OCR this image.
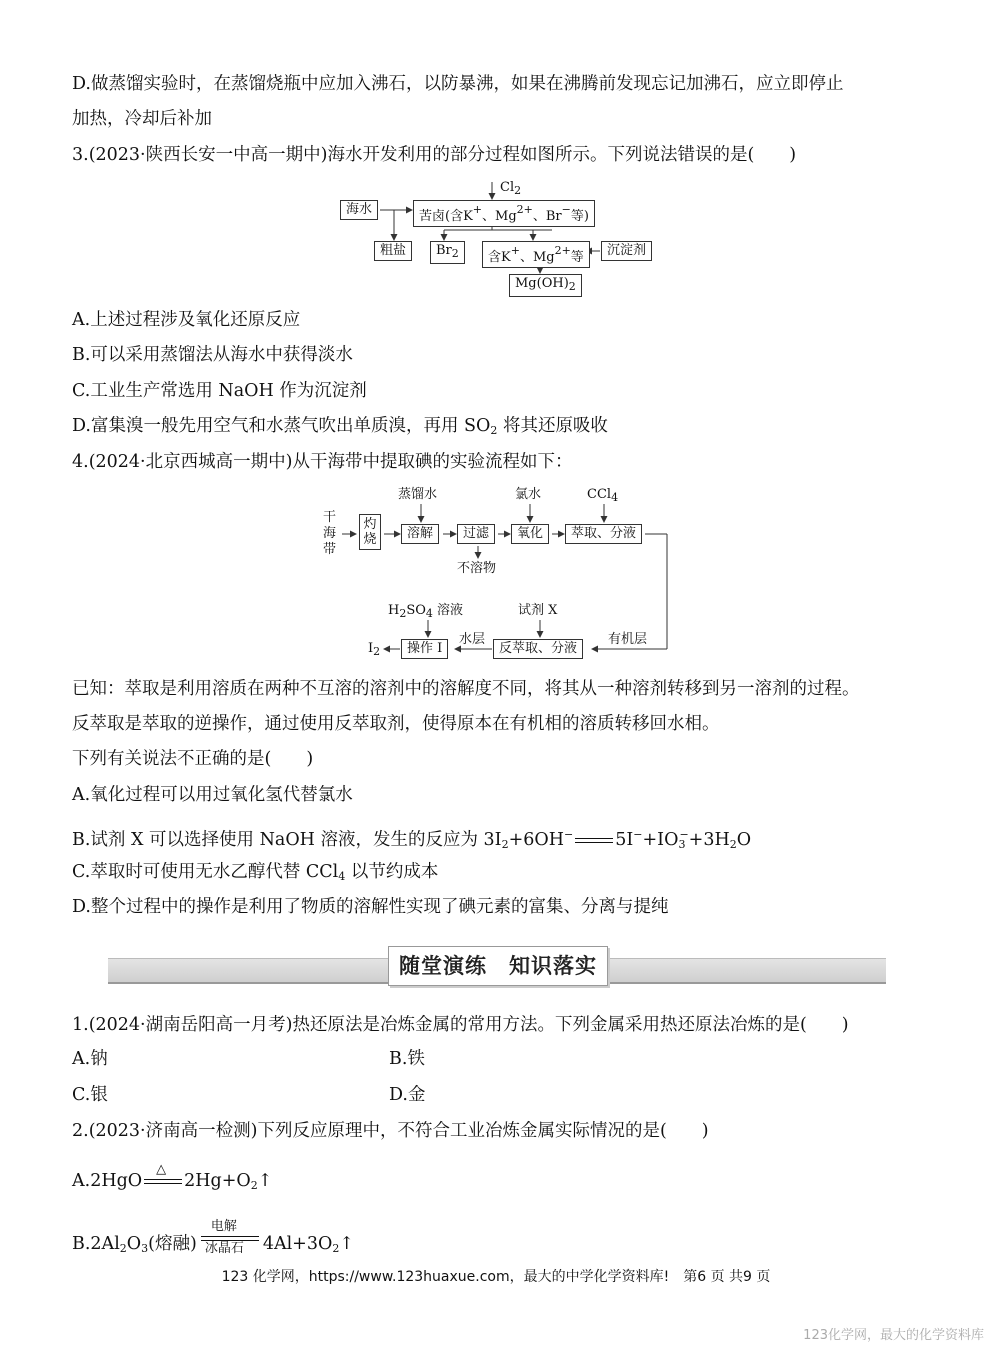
D.做蒸馏实验时，在蒸馏烧瓶中应加入沸石，以防暴沸，如果在沸腾前发现忘记加沸石，应立即停止
加热，冷却后补加
3.(2023·陕西长安一中高一期中)海水开发利用的部分过程如图所示。下列说法错误的是(　　)
$Cl_2$
海水	苦卤(含K+、$Mg^{2+}$、Br−等)
粗盐	$Br_2$	含K+、$Mg^{2+}$等	沉淀剂
$Mg(OH)_2$
A.上述过程涉及氧化还原反应
B.可以采用蒸馏法从海水中获得淡水
C.工业生产常选用 NaOH 作为沉淀剂
D.富集溴一般先用空气和水蒸气吹出单质溴，再用 $SO_2$ 将其还原吸收
4.(2024·北京西城高一期中)从干海带中提取碘的实验流程如下：
干海带
灼烧
蒸馏水
溶解	过滤
不溶物
氯水
氧化
CCl$_4$
萃取、分液
有机层
试剂 X
反萃取、分液
水层
$H_2SO_4$ 溶液
操作 I
$I_2$
已知：萃取是利用溶质在两种不互溶的溶剂中的溶解度不同，将其从一种溶剂转移到另一溶剂的过程。
反萃取是萃取的逆操作，通过使用反萃取剂，使得原本在有机相的溶质转移回水相。
下列有关说法不正确的是(　　)
A.氧化过程可以用过氧化氢代替氯水
B.试剂 X 可以选择使用 NaOH 溶液，发生的反应为 $3I_2+6OH^-$ $5I^-+IO_3^-+3H_2O$
C.萃取时可使用无水乙醇代替 CCl$_4$ 以节约成本
D.整个过程中的操作是利用了物质的溶解性实现了碘元素的富集、分离与提纯
随堂演练　知识落实
1.(2024·湖南岳阳高一月考)热还原法是冶炼金属的常用方法。下列金属采用热还原法冶炼的是(　　)
A.钠	B.铁
C.银	D.金
2.(2023·济南高一检测)下列反应原理中，不符合工业冶炼金属实际情况的是(　　)
A.2HgO
△
$2Hg+O_2↑$
$B.2Al_2O_3$(熔融)
电解
冰晶石 $4Al+3O_2↑$
123 化学网，https://www.123huaxue.com，最大的中学化学资料库!　第6 页 共9 页
123化学网，最大的化学资料库
